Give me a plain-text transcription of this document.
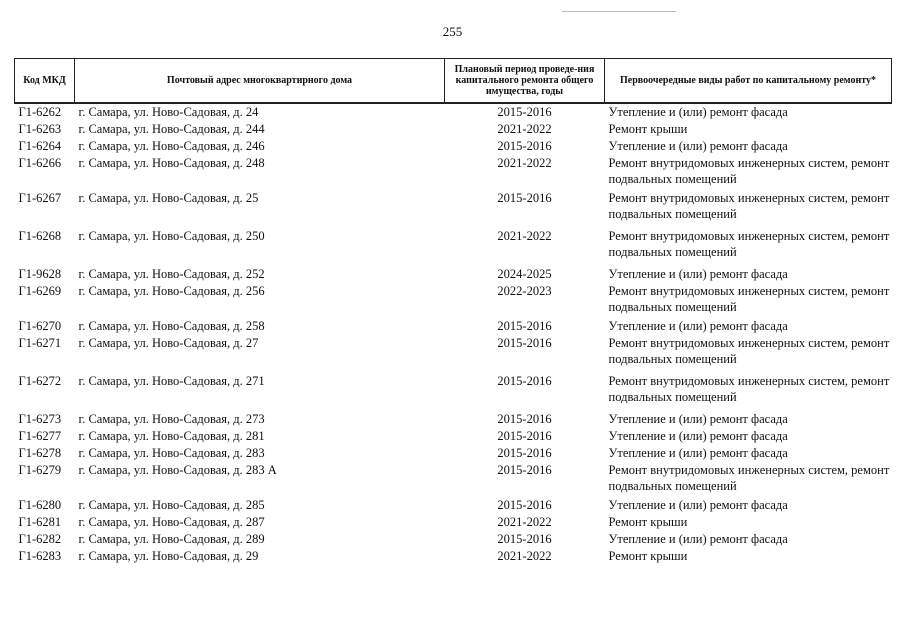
255
Код МКД	Почтовый адрес многоквартирного дома	Плановый период проведе-ния капитального ремонта общего имущества, годы	Первоочередные виды работ по капитальному ремонту*
Г1-6262	г. Самара, ул. Ново-Садовая, д. 24	2015-2016	Утепление и (или) ремонт фасада
Г1-6263	г. Самара, ул. Ново-Садовая, д. 244	2021-2022	Ремонт крыши
Г1-6264	г. Самара, ул. Ново-Садовая, д. 246	2015-2016	Утепление и (или) ремонт фасада
Г1-6266	г. Самара, ул. Ново-Садовая, д. 248	2021-2022	Ремонт внутридомовых инженерных систем, ремонт подвальных помещений
Г1-6267	г. Самара, ул. Ново-Садовая, д. 25	2015-2016	Ремонт внутридомовых инженерных систем, ремонт подвальных помещений
Г1-6268	г. Самара, ул. Ново-Садовая, д. 250	2021-2022	Ремонт внутридомовых инженерных систем, ремонт подвальных помещений
Г1-9628	г. Самара, ул. Ново-Садовая, д. 252	2024-2025	Утепление и (или) ремонт фасада
Г1-6269	г. Самара, ул. Ново-Садовая, д. 256	2022-2023	Ремонт внутридомовых инженерных систем, ремонт подвальных помещений
Г1-6270	г. Самара, ул. Ново-Садовая, д. 258	2015-2016	Утепление и (или) ремонт фасада
Г1-6271	г. Самара, ул. Ново-Садовая, д. 27	2015-2016	Ремонт внутридомовых инженерных систем, ремонт подвальных помещений
Г1-6272	г. Самара, ул. Ново-Садовая, д. 271	2015-2016	Ремонт внутридомовых инженерных систем, ремонт подвальных помещений
Г1-6273	г. Самара, ул. Ново-Садовая, д. 273	2015-2016	Утепление и (или) ремонт фасада
Г1-6277	г. Самара, ул. Ново-Садовая, д. 281	2015-2016	Утепление и (или) ремонт фасада
Г1-6278	г. Самара, ул. Ново-Садовая, д. 283	2015-2016	Утепление и (или) ремонт фасада
Г1-6279	г. Самара, ул. Ново-Садовая, д. 283 А	2015-2016	Ремонт внутридомовых инженерных систем, ремонт подвальных помещений
Г1-6280	г. Самара, ул. Ново-Садовая, д. 285	2015-2016	Утепление и (или) ремонт фасада
Г1-6281	г. Самара, ул. Ново-Садовая, д. 287	2021-2022	Ремонт крыши
Г1-6282	г. Самара, ул. Ново-Садовая, д. 289	2015-2016	Утепление и (или) ремонт фасада
Г1-6283	г. Самара, ул. Ново-Садовая, д. 29	2021-2022	Ремонт крыши
